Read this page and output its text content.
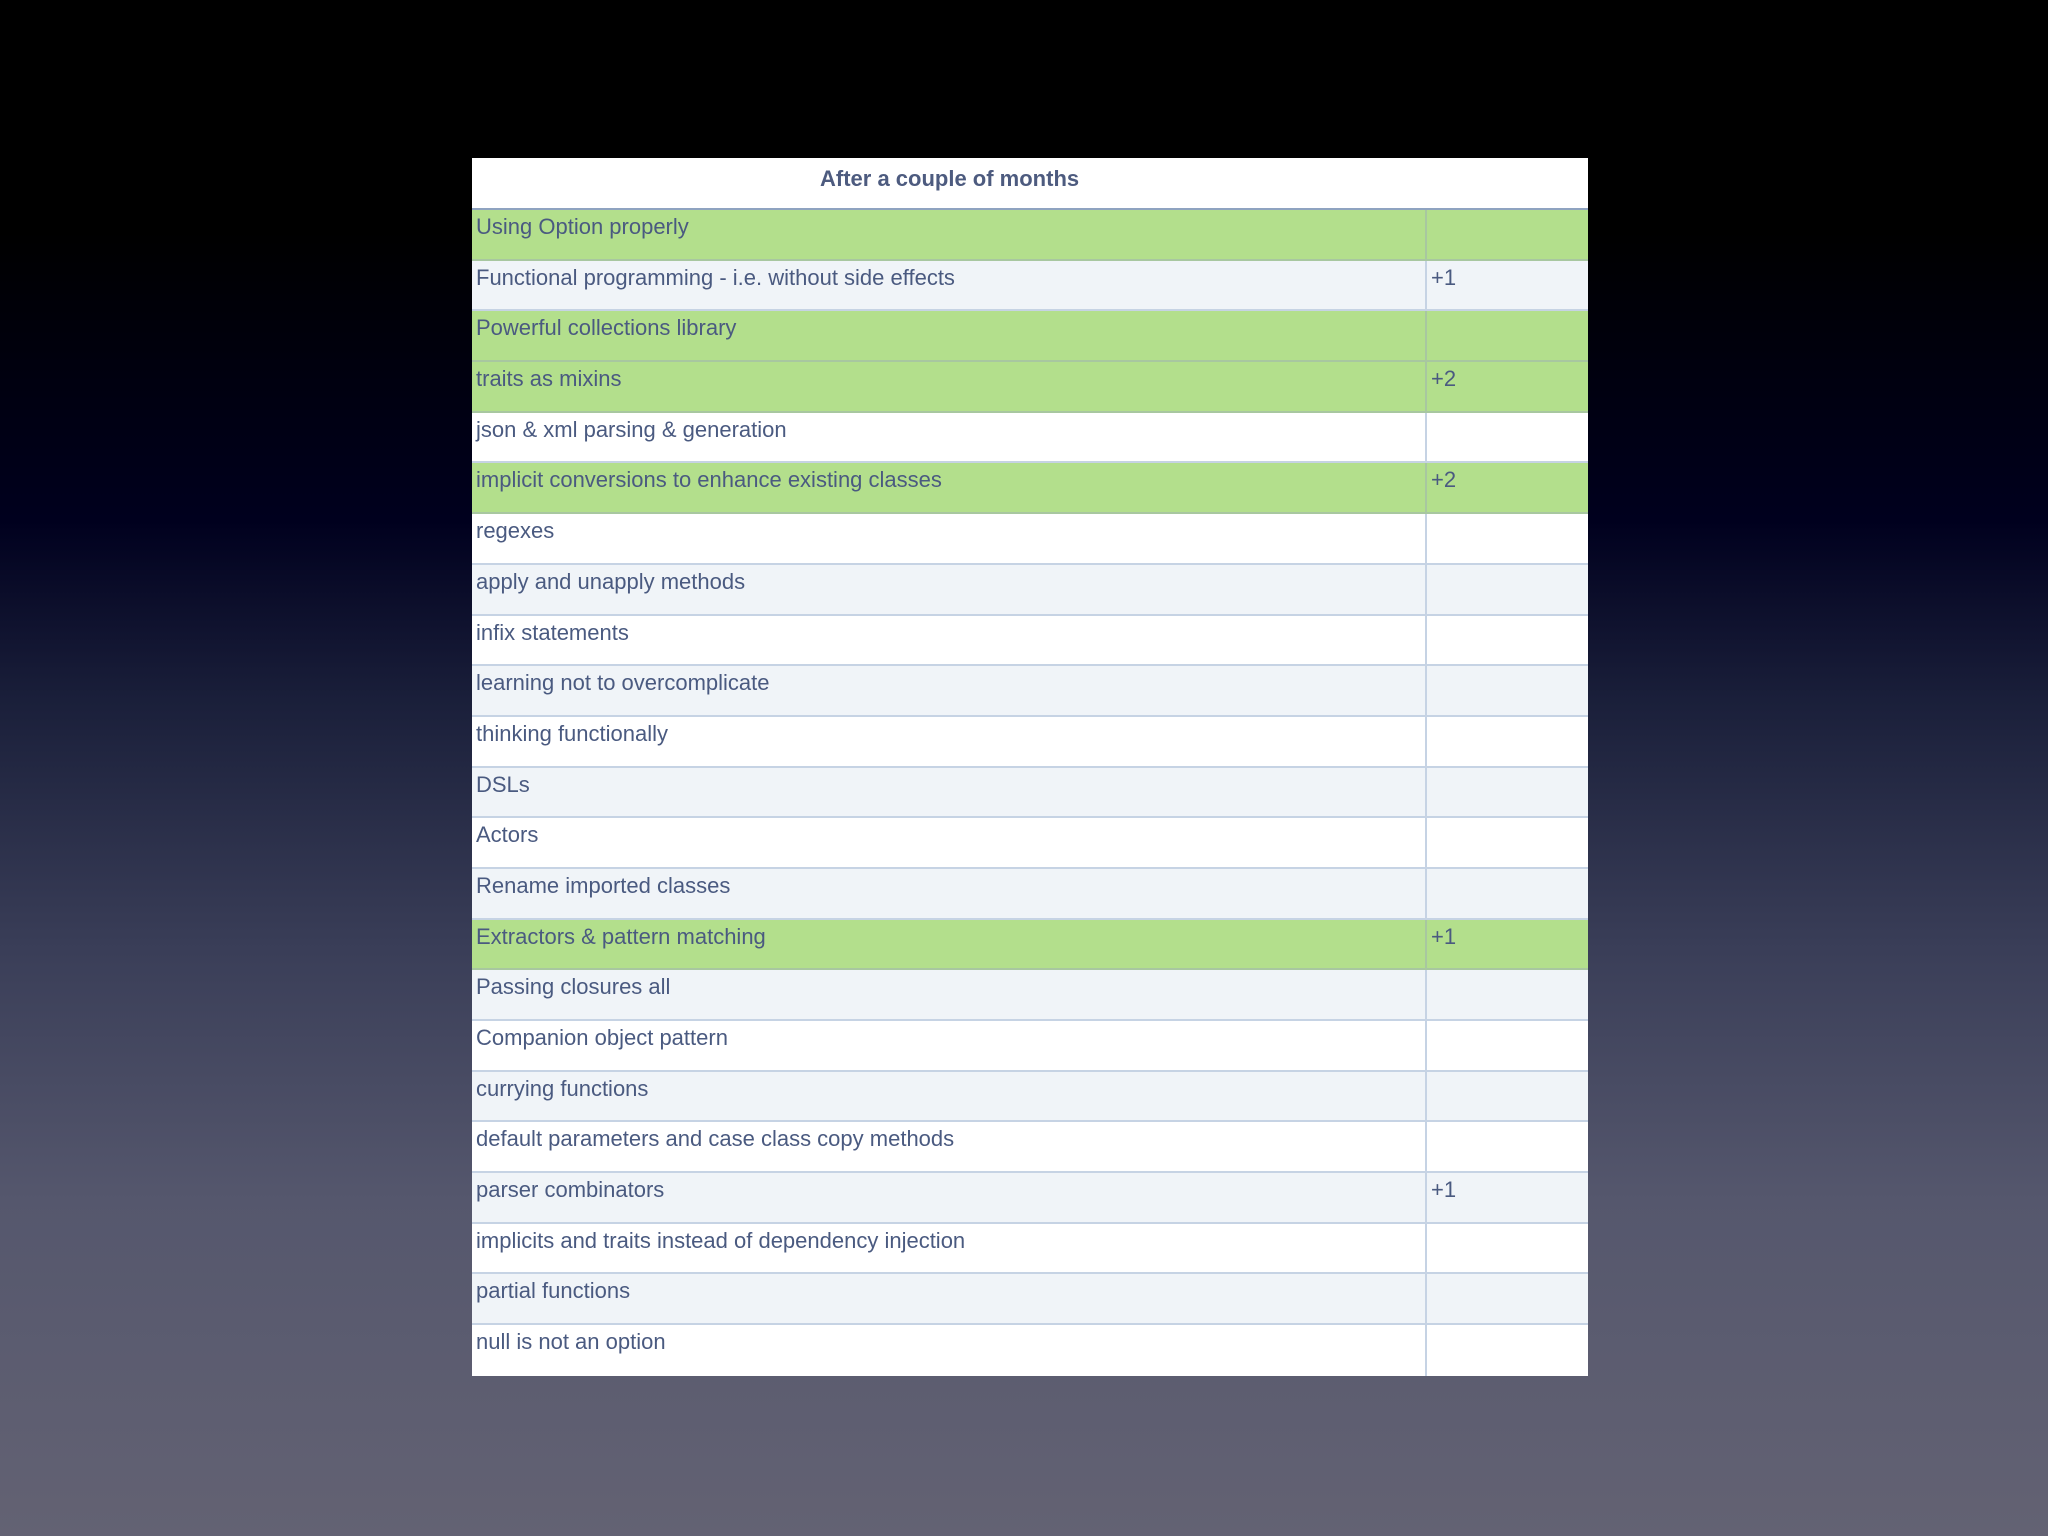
After a couple of months
Using Option properly
Functional programming - i.e. without side effects	+1
Powerful collections library
traits as mixins	+2
json & xml parsing & generation
implicit conversions to enhance existing classes	+2
regexes
apply and unapply methods
infix statements
learning not to overcomplicate
thinking functionally
DSLs
Actors
Rename imported classes
Extractors & pattern matching	+1
Passing closures all
Companion object pattern
currying functions
default parameters and case class copy methods
parser combinators	+1
implicits and traits instead of dependency injection
partial functions
null is not an option
